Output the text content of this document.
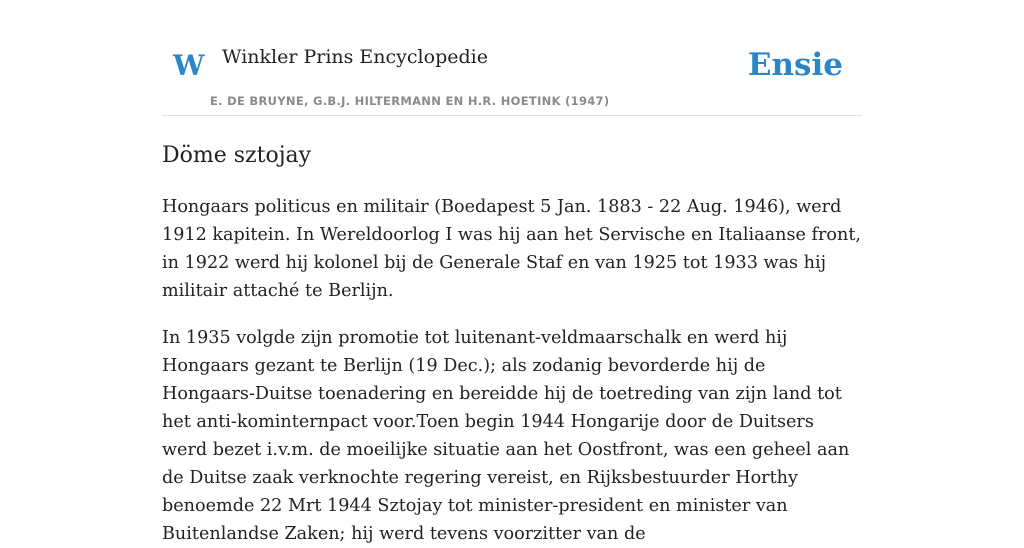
W Winkler Prins Encyclopedie
E. DE BRUYNE, G.B.J. HILTERMANN EN H.R. HOETINK (1947)
Ensie
Döme sztojay

Hongaars politicus en militair (Boedapest 5 Jan. 1883 - 22 Aug. 1946), werd 1912 kapitein. In Wereldoorlog I was hij aan het Servische en Italiaanse front, in 1922 werd hij kolonel bij de Generale Staf en van 1925 tot 1933 was hij militair attaché te Berlijn.

In 1935 volgde zijn promotie tot luitenant-veldmaarschalk en werd hij Hongaars gezant te Berlijn (19 Dec.); als zodanig bevorderde hij de Hongaars-Duitse toenadering en bereidde hij de toetreding van zijn land tot het anti-kominternpact voor.Toen begin 1944 Hongarije door de Duitsers werd bezet i.v.m. de moeilijke situatie aan het Oostfront, was een geheel aan de Duitse zaak verknochte regering vereist, en Rijksbestuurder Horthy benoemde 22 Mrt 1944 Sztojay tot minister-president en minister van Buitenlandse Zaken; hij werd tevens voorzitter van de
